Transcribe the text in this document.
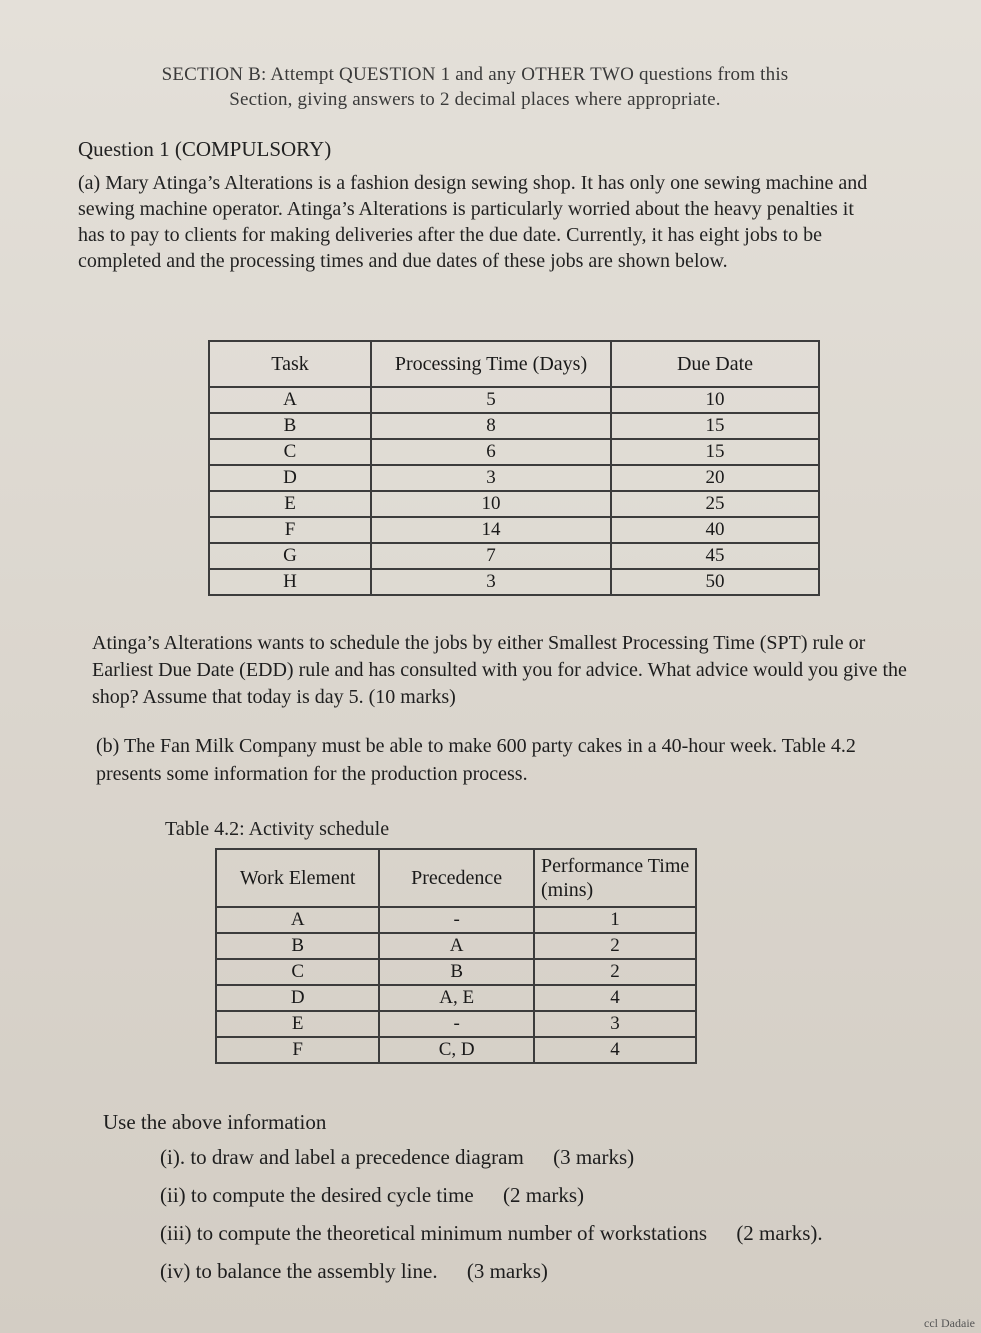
SECTION B: Attempt QUESTION 1 and any OTHER TWO questions from this
Section, giving answers to 2 decimal places where appropriate.
Question 1 (COMPULSORY)
(a) Mary Atinga’s Alterations is a fashion design sewing shop. It has only one sewing machine and sewing machine operator. Atinga’s Alterations is particularly worried about the heavy penalties it has to pay to clients for making deliveries after the due date. Currently, it has eight jobs to be completed and the processing times and due dates of these jobs are shown below.
Task	Processing Time (Days)	Due Date
A	5	10
B	8	15
C	6	15
D	3	20
E	10	25
F	14	40
G	7	45
H	3	50
Atinga’s Alterations wants to schedule the jobs by either Smallest Processing Time (SPT) rule or Earliest Due Date (EDD) rule and has consulted with you for advice. What advice would you give the shop? Assume that today is day 5. (10 marks)
(b) The Fan Milk Company must be able to make 600 party cakes in a 40-hour week. Table 4.2 presents some information for the production process.
Table 4.2: Activity schedule
Work Element	Precedence	Performance Time (mins)
A	-	1
B	A	2
C	B	2
D	A, E	4
E	-	3
F	C, D	4
Use the above information
(i). to draw and label a precedence diagram (3 marks)
(ii) to compute the desired cycle time (2 marks)
(iii) to compute the theoretical minimum number of workstations (2 marks).
(iv) to balance the assembly line. (3 marks)
ccl Dadaie
